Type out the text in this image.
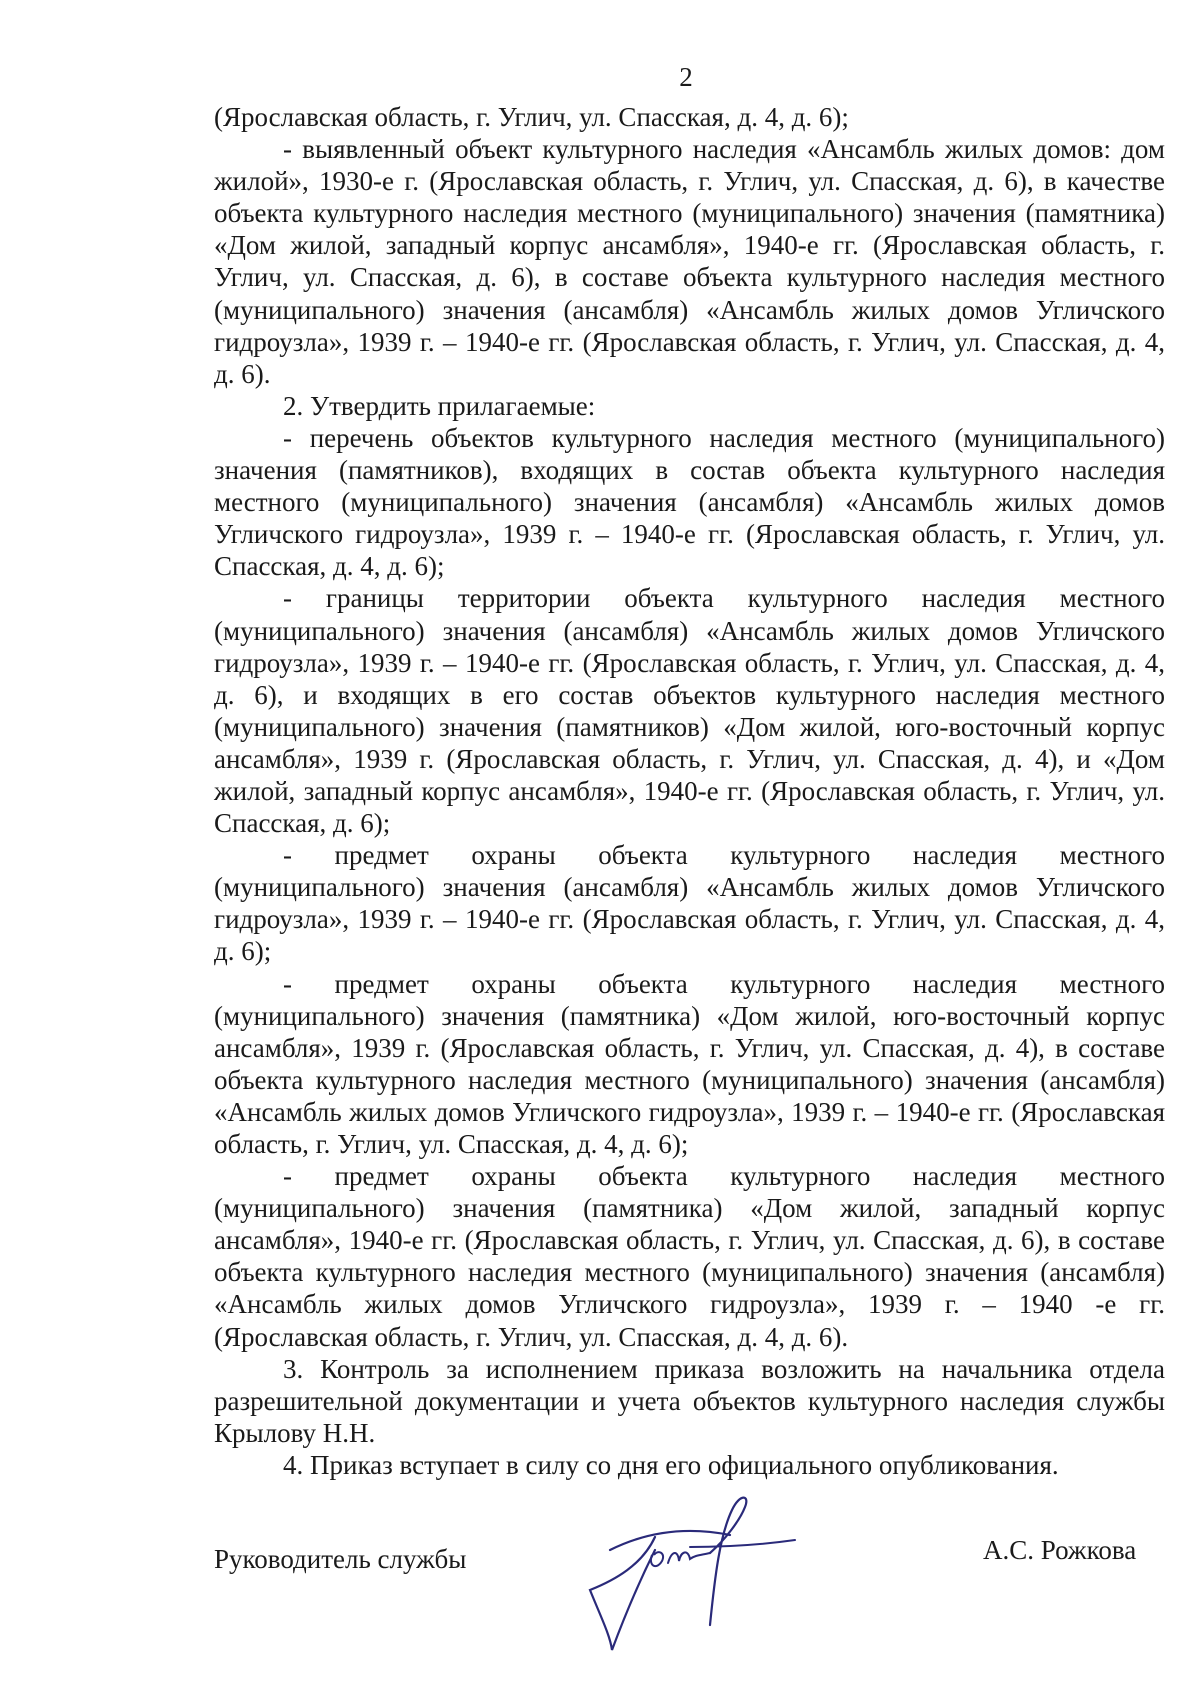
2

(Ярославская область, г. Углич, ул. Спасская, д. 4, д. 6);

- выявленный объект культурного наследия «Ансамбль жилых домов: дом жилой», 1930-е г. (Ярославская область, г. Углич, ул. Спасская, д. 6), в качестве объекта культурного наследия местного (муниципального) значения (памятника) «Дом жилой, западный корпус ансамбля», 1940-е гг. (Ярославская область, г. Углич, ул. Спасская, д. 6), в составе объекта культурного наследия местного (муниципального) значения (ансамбля) «Ансамбль жилых домов Угличского гидроузла», 1939 г. – 1940-е гг. (Ярославская область, г. Углич, ул. Спасская, д. 4, д. 6).

2. Утвердить прилагаемые:

- перечень объектов культурного наследия местного (муниципального) значения (памятников), входящих в состав объекта культурного наследия местного (муниципального) значения (ансамбля) «Ансамбль жилых домов Угличского гидроузла», 1939 г. – 1940-е гг. (Ярославская область, г. Углич, ул. Спасская, д. 4, д. 6);

- границы территории объекта культурного наследия местного (муниципального) значения (ансамбля) «Ансамбль жилых домов Угличского гидроузла», 1939 г. – 1940-е гг. (Ярославская область, г. Углич, ул. Спасская, д. 4, д. 6), и входящих в его состав объектов культурного наследия местного (муниципального) значения (памятников) «Дом жилой, юго-восточный корпус ансамбля», 1939 г. (Ярославская область, г. Углич, ул. Спасская, д. 4), и «Дом жилой, западный корпус ансамбля», 1940-е гг. (Ярославская область, г. Углич, ул. Спасская, д. 6);

- предмет охраны объекта культурного наследия местного (муниципального) значения (ансамбля) «Ансамбль жилых домов Угличского гидроузла», 1939 г. – 1940-е гг. (Ярославская область, г. Углич, ул. Спасская, д. 4, д. 6);

- предмет охраны объекта культурного наследия местного (муниципального) значения (памятника) «Дом жилой, юго-восточный корпус ансамбля», 1939 г. (Ярославская область, г. Углич, ул. Спасская, д. 4), в составе объекта культурного наследия местного (муниципального) значения (ансамбля) «Ансамбль жилых домов Угличского гидроузла», 1939 г. – 1940-е гг. (Ярославская область, г. Углич, ул. Спасская, д. 4, д. 6);

- предмет охраны объекта культурного наследия местного (муниципального) значения (памятника) «Дом жилой, западный корпус ансамбля», 1940-е гг. (Ярославская область, г. Углич, ул. Спасская, д. 6), в составе объекта культурного наследия местного (муниципального) значения (ансамбля) «Ансамбль жилых домов Угличского гидроузла», 1939 г. – 1940 -е гг. (Ярославская область, г. Углич, ул. Спасская, д. 4, д. 6).

3. Контроль за исполнением приказа возложить на начальника отдела разрешительной документации и учета объектов культурного наследия службы Крылову Н.Н.

4. Приказ вступает в силу со дня его официального опубликования.

Руководитель службы	А.С. Рожкова
